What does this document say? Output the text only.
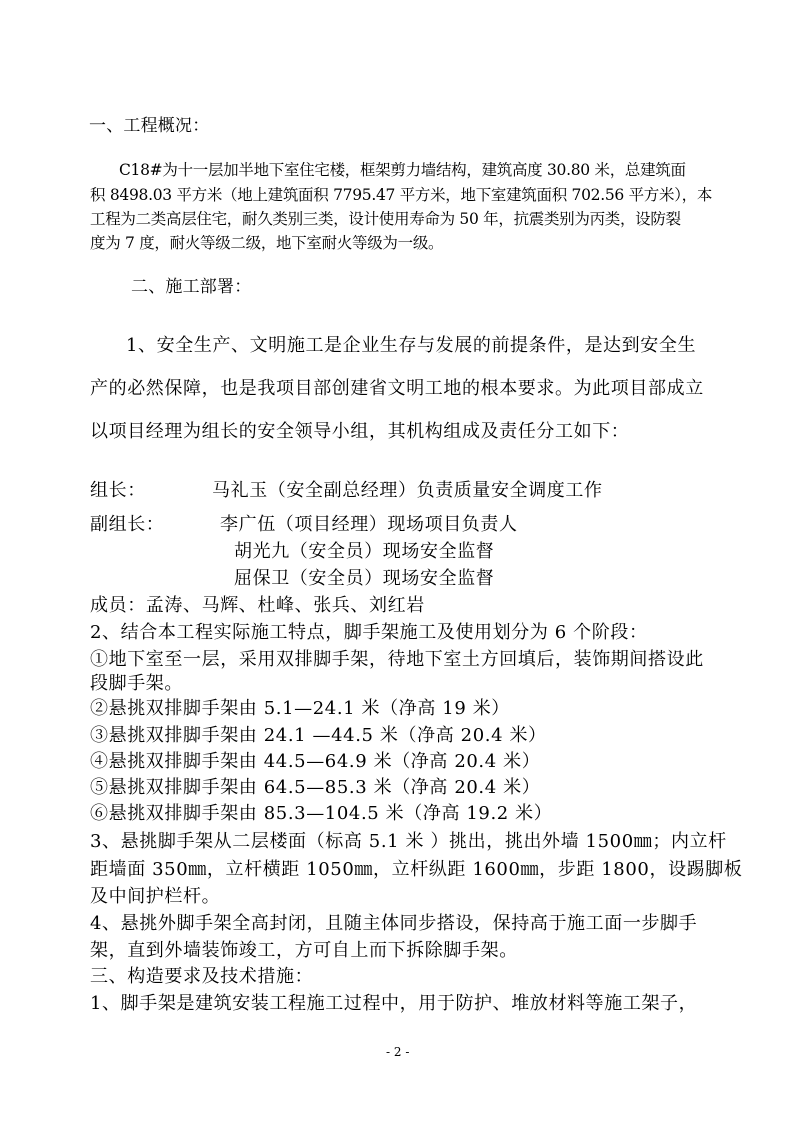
一、工程概况：
C18#为十一层加半地下室住宅楼，框架剪力墙结构，建筑高度 30.80 米，总建筑面
积 8498.03 平方米（地上建筑面积 7795.47 平方米，地下室建筑面积 702.56 平方米），本
工程为二类高层住宅，耐久类别三类，设计使用寿命为 50 年，抗震类别为丙类，设防裂
度为 7 度，耐火等级二级，地下室耐火等级为一级。
二、施工部署：
1、安全生产、文明施工是企业生存与发展的前提条件，是达到安全生
产的必然保障，也是我项目部创建省文明工地的根本要求。为此项目部成立
以项目经理为组长的安全领导小组，其机构组成及责任分工如下：
组长：	马礼玉（安全副总经理）负责质量安全调度工作
副组长：	李广伍（项目经理）现场项目负责人
胡光九（安全员）现场安全监督
屈保卫（安全员）现场安全监督
成员：孟涛、马辉、杜峰、张兵、刘红岩
2、结合本工程实际施工特点，脚手架施工及使用划分为 6 个阶段：
①地下室至一层，采用双排脚手架，待地下室土方回填后，装饰期间搭设此
段脚手架。
②悬挑双排脚手架由 5.1—24.1 米（净高 19 米）
③悬挑双排脚手架由 24.1 —44.5 米（净高 20.4 米）
④悬挑双排脚手架由 44.5—64.9 米（净高 20.4 米）
⑤悬挑双排脚手架由 64.5—85.3 米（净高 20.4 米）
⑥悬挑双排脚手架由 85.3—104.5 米（净高 19.2 米）
3、悬挑脚手架从二层楼面（标高 5.1 米 ）挑出，挑出外墙 1500㎜；内立杆
距墙面 350㎜，立杆横距 1050㎜，立杆纵距 1600㎜，步距 1800，设踢脚板
及中间护栏杆。
4、悬挑外脚手架全高封闭，且随主体同步搭设，保持高于施工面一步脚手
架，直到外墙装饰竣工，方可自上而下拆除脚手架。
三、构造要求及技术措施：
1、脚手架是建筑安装工程施工过程中，用于防护、堆放材料等施工架子，
- 2 -
